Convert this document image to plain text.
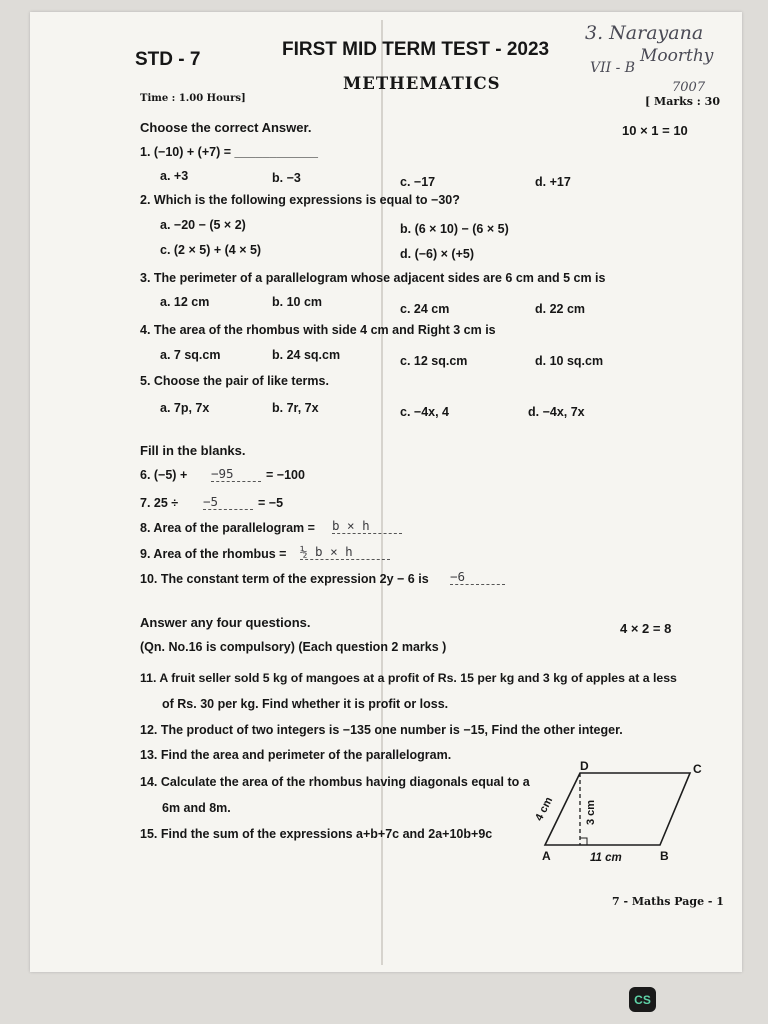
STD - 7	FIRST MID TERM TEST - 2023
METHEMATICS
Time : 1.00 Hours]	[ Marks : 30
3. Narayana
Moorthy
VII - B
7007
Choose the correct Answer.	10 × 1 = 10
1. (−10) + (+7) = ____________
a. +3	b. −3	c. −17	d. +17
2. Which is the following expressions is equal to −30?
a. −20 − (5 × 2)	b. (6 × 10) − (6 × 5)
c. (2 × 5) + (4 × 5)	d. (−6) × (+5)
3. The perimeter of a parallelogram whose adjacent sides are 6 cm and 5 cm is
a. 12 cm	b. 10 cm	c. 24 cm	d. 22 cm
4. The area of the rhombus with side 4 cm and Right 3 cm is
a. 7 sq.cm	b. 24 sq.cm	c. 12 sq.cm	d. 10 sq.cm
5. Choose the pair of like terms.
a. 7p, 7x	b. 7r, 7x	c. −4x, 4	d. −4x, 7x
Fill in the blanks.
6. (−5) + −95	= −100
7. 25 ÷ −5	= −5
8. Area of the parallelogram = b × h
9. Area of the rhombus = ½ b × h
10. The constant term of the expression 2y − 6 is −6
Answer any four questions.	4 × 2 = 8
(Qn. No.16 is compulsory) (Each question 2 marks )
11. A fruit seller sold 5 kg of mangoes at a profit of Rs. 15 per kg and 3 kg of apples at a less
of Rs. 30 per kg. Find whether it is profit or loss.
12. The product of two integers is −135 one number is −15, Find the other integer.
13. Find the area and perimeter of the parallelogram.
14. Calculate the area of the rhombus having diagonals equal to a
6m and 8m.
15. Find the sum of the expressions a+b+7c and 2a+10b+9c
D	C
A	B
4 cm	3 cm
11 cm
7 - Maths Page - 1
CS
